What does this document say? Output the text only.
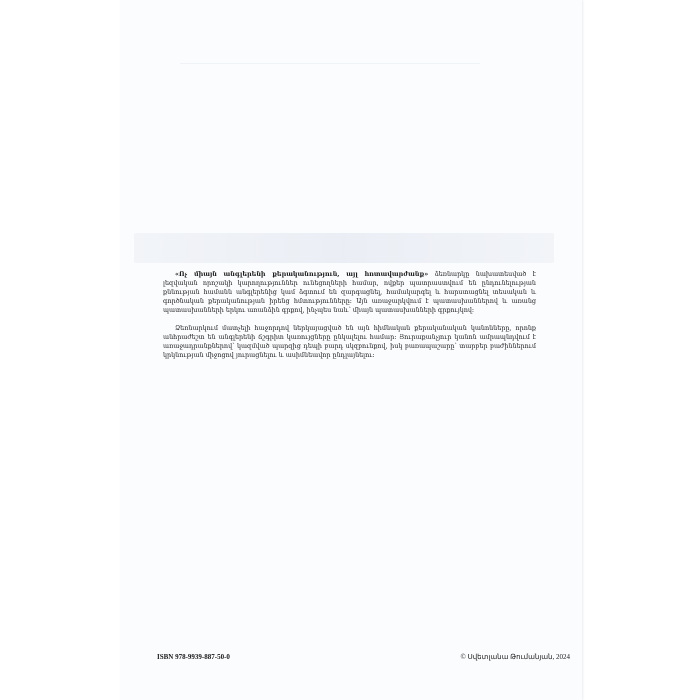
«Ոչ միայն անգլերենի քերականություն, այլ հոտավարժանք» ձեռնարկը նախատեսված է լեզվական որոշակի կարողություններ ունեցողների համար, ովքեր պատրաստվում են ընդունելության քննության համանն անգլերենից կամ ձգտում են զարգացնել, համակարգել և հարստացնել տեսական և գործնական քերականության իրենց հմտությունները: Այն առաջարկվում է պատասխաններով և առանց պատասխանների երկու առանձին գրքով, ինչպես նաև՝ միայն պատասխանների գրքույկով:

Ձեռնարկում մատչելի հաջորդով ներկայացված են այն հիմնական քերականական կանոնները, որոնք անհրաժեշտ են անգլերենի ճշգրիտ կառույցները ընկալելու համար: Յուրաքանչյուր կանոն ամրապնդվում է առաջադրանքներով՝ կազմված պարզից դեպի բարդ սկզբունքով, իսկ բառապաշարը՝ տարբեր բաժիններում կրկնության միջոցով յուրացնելու և ասիմնեավոր ընդլայնելու:

ISBN 978-9939-887-50-0	© Սվետլանա Թումանյան, 2024
